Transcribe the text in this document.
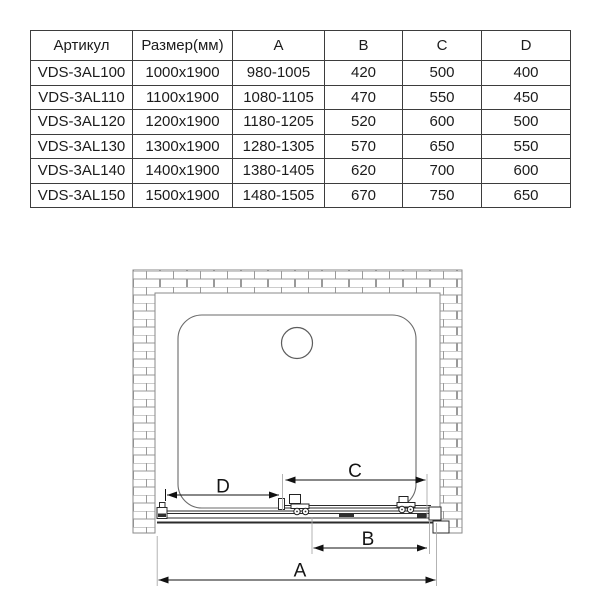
Артикул	Размер(мм)	A	B	C	D
VDS-3AL100	1000x1900	980-1005	420	500	400
VDS-3AL110	1100x1900	1080-1105	470	550	450
VDS-3AL120	1200x1900	1180-1205	520	600	500
VDS-3AL130	1300x1900	1280-1305	570	650	550
VDS-3AL140	1400x1900	1380-1405	620	700	600
VDS-3AL150	1500x1900	1480-1505	670	750	650
D
C
B
A
